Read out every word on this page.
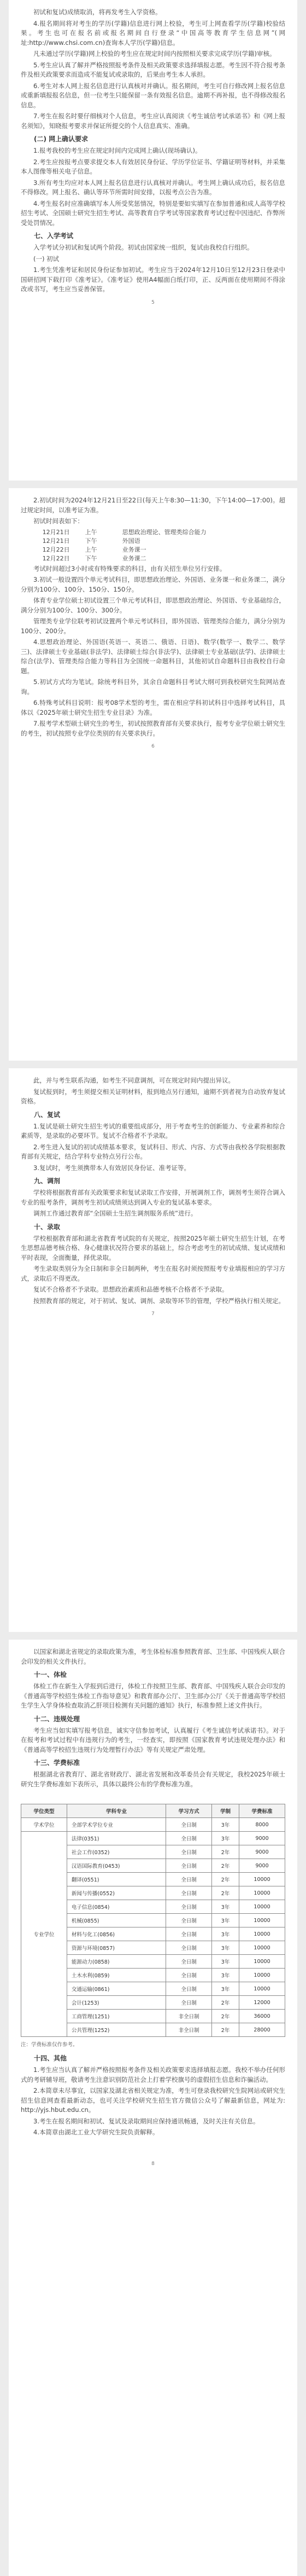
初试和复试)成绩取消，将再发考生入学资格。

4.报名期间将对考生的学历(学籍)信息进行网上校验，考生可上网查看学历(学籍)校验结果。考生也可在报名前或报名期间自行登录“中国高等教育学生信息网”(网址:http://www.chsi.com.cn)查询本人学历(学籍)信息。

凡未通过学历(学籍)网上校验的考生应在规定时间内按照相关要求完成学历(学籍)审核。

5.考生应认真了解并严格按照报考条件及相关政策要求选择填报志愿。考生因不符合报考条件及相关政策要求而造成不能复试或录取的，后果由考生本人承担。

6.考生对本人网上报名信息进行认真核对并确认。报名期间，考生可自行修改网上报名信息或重新填报报名信息，但一位考生只能保留一条有效报名信息。逾期不再补报，也不得修改报名信息。

7.考生在报名时要仔细核对个人信息，考生应认真阅读《考生诚信考试承诺书》和《网上报名须知》，知晓报考要求并保证所提交的个人信息真实、准确。

(二) 网上确认要求

1.报考我校的考生应在规定时间内完成网上确认(现场确认)。

2.考生应按报考点要求提交本人有效居民身份证、学历学位证书、学籍证明等材料，并采集本人图像等相关电子信息。

3.所有考生均应对本人网上报名信息进行认真核对并确认。考生网上确认成功后，报名信息不得修改。网上报名、确认等环节所需时间安排，以报考点公告为准。

4.考生报名时应准确填写本人所受奖惩情况，特别是要如实填写在参加普通和成人高等学校招生考试、全国硕士研究生招生考试、高等教育自学考试等国家教育考试过程中因违纪、作弊所受处罚情况。

七、入学考试

入学考试分初试和复试两个阶段。初试由国家统一组织，复试由我校自行组织。

(一) 初试

1.考生凭准考证和居民身份证参加初试。考生应当于2024年12月10日至12月23日登录中国研招网下载打印《准考证》。《准考证》使用A4幅面白纸打印，正、反两面在使用期间不得涂改或书写，考生应当妥善保管。

5

2.初试时间为2024年12月21日至22日(每天上午8:30—11:30，下午14:00—17:00)。超过规定时间，以准考证为准。

初试时间表如下：

12月21日	上午	思想政治理论、管理类综合能力
12月21日	下午	外国语
12月22日	上午	业务课一
12月22日	下午	业务课二

考试时间超过3小时或有特殊要求的科目，由有关招生单位另行安排。

3.初试一般设置四个单元考试科目，即思想政治理论、外国语、业务课一和业务课二，满分分别为100分、100分、150分、150分。

体育专业学位硕士初试设置三个单元考试科目，即思想政治理论、外国语、专业基础综合，满分分别为100分、100分、300分。

管理类专业学位联考初试设置两个单元考试科目，即外国语、管理类综合能力，满分分别为100分、200分。

4.思想政治理论、外国语(英语一、英语二、俄语、日语)、数学(数学一、数学二、数学三)、法律硕士专业基础(非法学)、法律硕士综合(非法学)、法律硕士专业基础(法学)、法律硕士综合(法学)、管理类综合能力等科目为全国统一命题科目，其他初试自命题科目由我校自行命题。

5.初试方式均为笔试。除统考科目外，其余自命题科目考试大纲可到我校研究生院网站查询。

6.特殊考试科目说明：报考08学术型的考生，需在相应学科初试科目中选择考试科目，具体以《2025年硕士研究生招生专业目录》为准。

7.报考学术型硕士研究生的考生，初试按照教育部有关要求执行，报考专业学位硕士研究生的考生，初试按照专业学位类别的有关要求执行。

6

此，并与考生联系沟通，如考生不同意调剂，可在规定时间内提出异议。

复试报到时，考生须提交相关证明材料，报到地点另行通知，逾期不到者视为自动放弃复试资格。

八、复试

1.复试是硕士研究生招生考试的重要组成部分，用于考查考生的创新能力、专业素养和综合素质等，是录取的必要环节。复试不合格者不予录取。

2.考生进入复试的初试成绩基本要求，复试科目、形式、内容、方式等由我校各学院根据教育部有关规定，结合学科专业特点另行公布。

3.复试时，考生须携带本人有效居民身份证、准考证等。

九、调剂

学校将根据教育部有关政策要求和复试录取工作安排，开展调剂工作，调剂考生须符合调入专业的报考条件，调剂考生初试成绩须达到调入专业的复试基本要求。

调剂工作通过教育部“全国硕士生招生调剂服务系统”进行。

十、录取

学校根据教育部和湖北省教育考试院的有关规定，按照2025年硕士研究生招生计划，在考生思想品德考核合格、身心健康状况符合要求的基础上，综合考虑考生的初试成绩、复试成绩和平时表现，全面衡量，择优录取。

考生录取类别分为全日制和非全日制两种，考生在报名时须按照报考专业填报相应的学习方式，录取后不得更改。

复试不合格者不予录取。思想政治素质和品德考核不合格者不予录取。

按照教育部的规定，对于初试、复试、调剂、录取等环节的管理，学校严格执行相关规定。

7

以国家和湖北省规定的录取政策为准，考生体检标准参照教育部、卫生部、中国残疾人联合会印发的相关文件执行。

十一、体检

体检工作在新生入学报到后进行，体检工作按照卫生部、教育部、中国残疾人联合会印发的《普通高等学校招生体检工作指导意见》和教育部办公厅、卫生部办公厅《关于普通高等学校招生学生入学身体检查取消乙肝项目检测有关问题的通知》执行，标准参照上述文件执行。

十二、违规处理

考生应当如实填写报考信息，诚实守信参加考试，认真履行《考生诚信考试承诺书》。对于在报考和考试过程中有违规行为的考生，一经查实，即按照《国家教育考试违规处理办法》和《普通高等学校招生违规行为处理暂行办法》等有关规定严肃处理。

十三、学费标准

根据湖北省教育厅、湖北省财政厅、湖北省发展和改革委员会有关规定，我校2025年硕士研究生学费标准如下表所示，具体以最终公布的学费标准为准。

学位类型	学科专业	学习方式	学制	学费标准
学术学位	全部学术学位专业	全日制	3年	8000
专业学位	法律(0351)	全日制	3年	9000
	社会工作(0352)	全日制	2年	9000
	汉语国际教育(0453)	全日制	2年	9000
	翻译(0551)	全日制	2年	10000
	新闻与传播(0552)	全日制	2年	10000
	电子信息(0854)	全日制	3年	10000
	机械(0855)	全日制	3年	10000
	材料与化工(0856)	全日制	3年	10000
	资源与环境(0857)	全日制	3年	10000
	能源动力(0858)	全日制	3年	10000
	土木水利(0859)	全日制	3年	10000
	交通运输(0861)	全日制	3年	10000
	会计(1253)	全日制	2年	12000
	工商管理(1251)	非全日制	2年	36000
	公共管理(1252)	非全日制	2年	28000
注：学费标准仅作参考。
十四、其他

1.考生应当认真了解并严格按照报考条件及相关政策要求选择填报志愿。我校不举办任何形式的考研辅导班，敬请考生注意识别防范社会上打着学校旗号的虚假招生信息和诈骗活动。

2.本简章未尽事宜，以国家及湖北省相关规定为准，考生可登录我校研究生院网站或研究生招生信息网查看最新动态，也可关注学校研究生招生官方微信公众号了解最新信息，网址为: http://yjs.hbut.edu.cn。

3.考生在报名期间和初试、复试及录取期间应保持通讯畅通，及时关注有关信息。

4.本简章由湖北工业大学研究生院负责解释。

8
